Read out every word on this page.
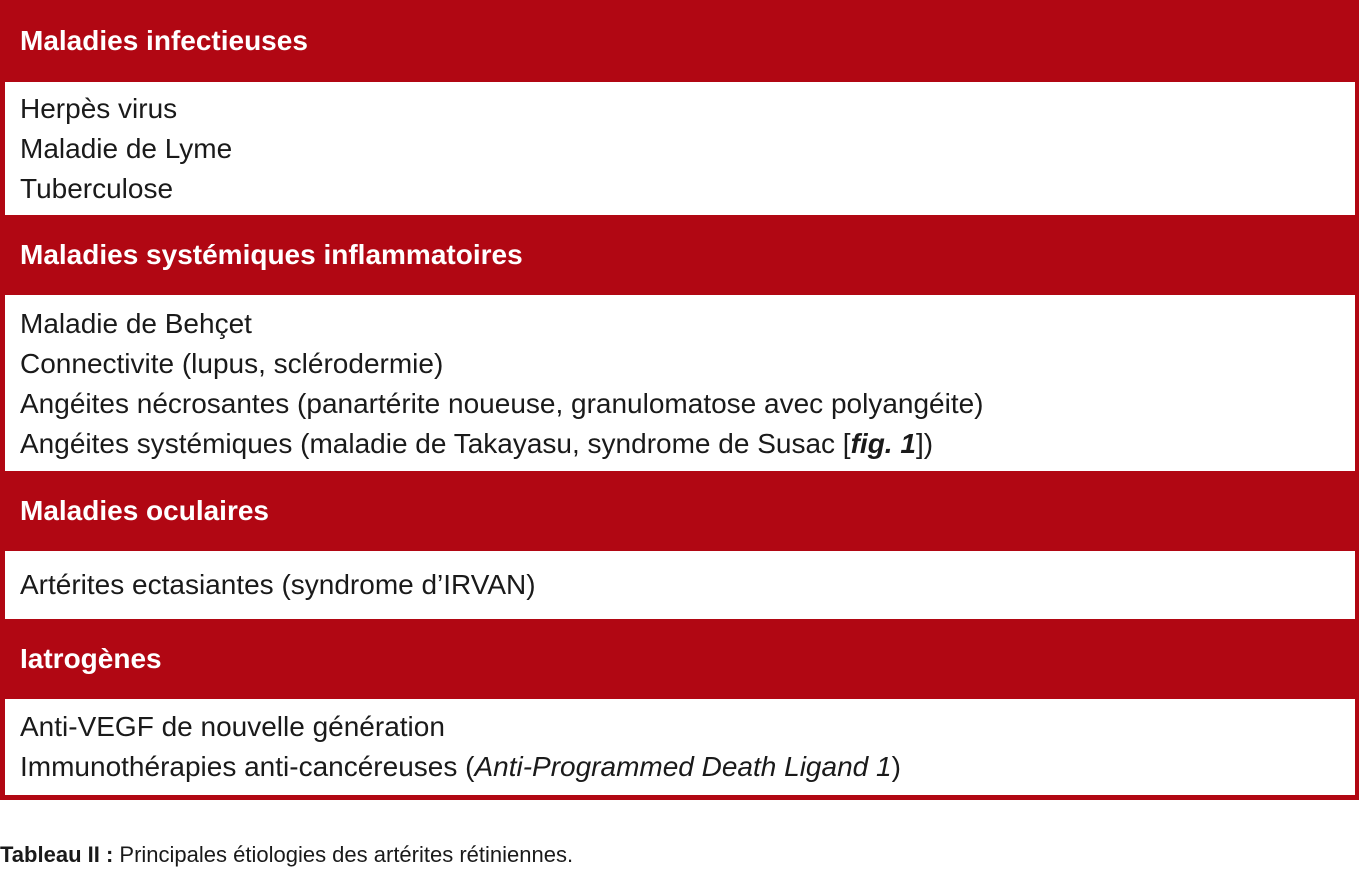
Maladies infectieuses
Herpès virus
Maladie de Lyme
Tuberculose
Maladies systémiques inflammatoires
Maladie de Behçet
Connectivite (lupus, sclérodermie)
Angéites nécrosantes (panartérite noueuse, granulomatose avec polyangéite)
Angéites systémiques (maladie de Takayasu, syndrome de Susac [fig. 1])
Maladies oculaires
Artérites ectasiantes (syndrome d’IRVAN)
Iatrogènes
Anti-VEGF de nouvelle génération
Immunothérapies anti-cancéreuses (Anti-Programmed Death Ligand 1)
Tableau II : Principales étiologies des artérites rétiniennes.
